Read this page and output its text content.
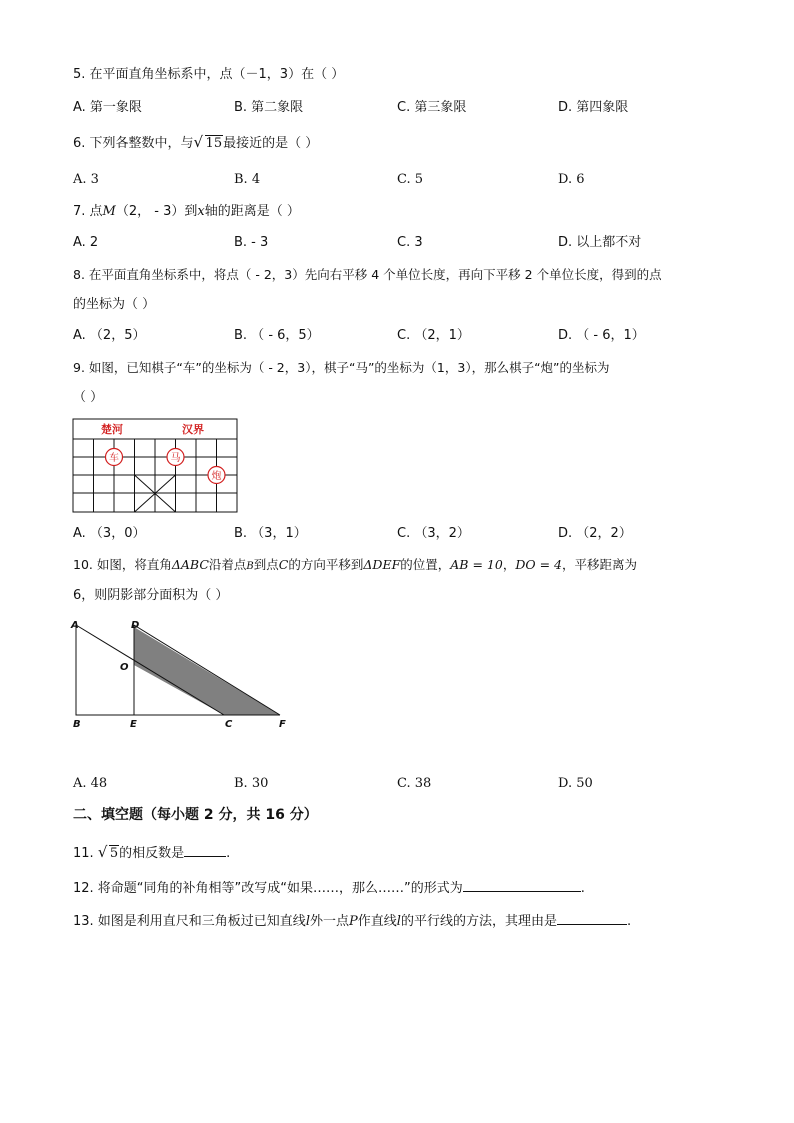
5. 在平面直角坐标系中，点（－1，3）在（ ）
A. 第一象限	B. 第二象限	C. 第三象限	D. 第四象限
6. 下列各整数中，与 √ 15最接近的是（ ）
A. 3	B. 4	C. 5	D. 6
7. 点M（2， - 3）到x轴的距离是（ ）
A. 2	B. - 3	C. 3	D. 以上都不对
8. 在平面直角坐标系中，将点（ - 2，3）先向右平移 4 个单位长度，再向下平移 2 个单位长度，得到的点
的坐标为（ ）
A. （2，5）	B. （ - 6，5）	C. （2，1）	D. （ - 6，1）
9. 如图，已知棋子“车”的坐标为（ - 2，3），棋子“马”的坐标为（1，3），那么棋子“炮”的坐标为
（ ）
楚河	汉界
车	马
炮
A. （3，0）	B. （3，1）	C. （3，2）	D. （2，2）
10. 如图，将直角ΔABC沿着点B到点C的方向平移到ΔDEF的位置，AB = 10，DO = 4，平移距离为
6，则阴影部分面积为（ ）
A	D
O
B	E	C	F
A. 48	B. 30	C. 38	D. 50
二、填空题（每小题 2 分，共 16 分）
11. √ 5的相反数是	.
12. 将命题“同角的补角相等”改写成“如果……，那么……”的形式为	.
13. 如图是利用直尺和三角板过已知直线l外一点P作直线l的平行线的方法，其理由是	.
